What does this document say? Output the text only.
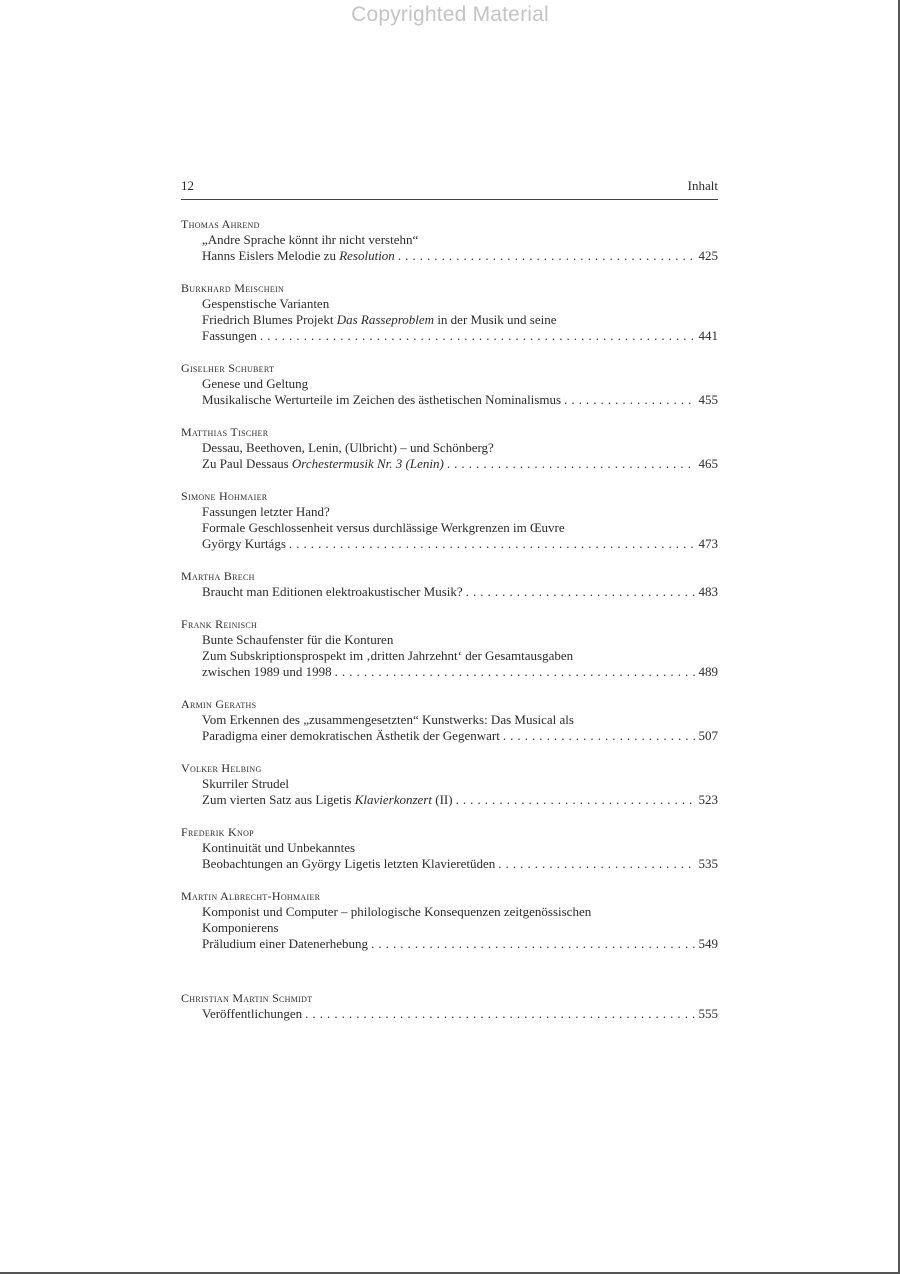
Copyrighted Material
12	Inhalt
Thomas Ahrend
„Andre Sprache könnt ihr nicht verstehn“
Hanns Eislers Melodie zu Resolution . . .	425
Burkhard Meischein
Gespenstische Varianten
Friedrich Blumes Projekt Das Rasseproblem in der Musik und seine
Fassungen . . .	441
Giselher Schubert
Genese und Geltung
Musikalische Werturteile im Zeichen des ästhetischen Nominalismus . . .	455
Matthias Tischer
Dessau, Beethoven, Lenin, (Ulbricht) – und Schönberg?
Zu Paul Dessaus Orchestermusik Nr. 3 (Lenin) . . .	465
Simone Hohmaier
Fassungen letzter Hand?
Formale Geschlossenheit versus durchlässige Werkgrenzen im Œuvre
György Kurtágs . . .	473
Martha Brech
Braucht man Editionen elektroakustischer Musik? . . .	483
Frank Reinisch
Bunte Schaufenster für die Konturen
Zum Subskriptionsprospekt im ‚dritten Jahrzehnt‘ der Gesamtausgaben
zwischen 1989 und 1998 . . .	489
Armin Geraths
Vom Erkennen des „zusammengesetzten“ Kunstwerks: Das Musical als
Paradigma einer demokratischen Ästhetik der Gegenwart . . .	507
Volker Helbing
Skurriler Strudel
Zum vierten Satz aus Ligetis Klavierkonzert (II) . . .	523
Frederik Knop
Kontinuität und Unbekanntes
Beobachtungen an György Ligetis letzten Klavieretüden . . .	535
Martin Albrecht-Hohmaier
Komponist und Computer – philologische Konsequenzen zeitgenössischen
Komponierens
Präludium einer Datenerhebung . . .	549
Christian Martin Schmidt
Veröffentlichungen . . .	555
